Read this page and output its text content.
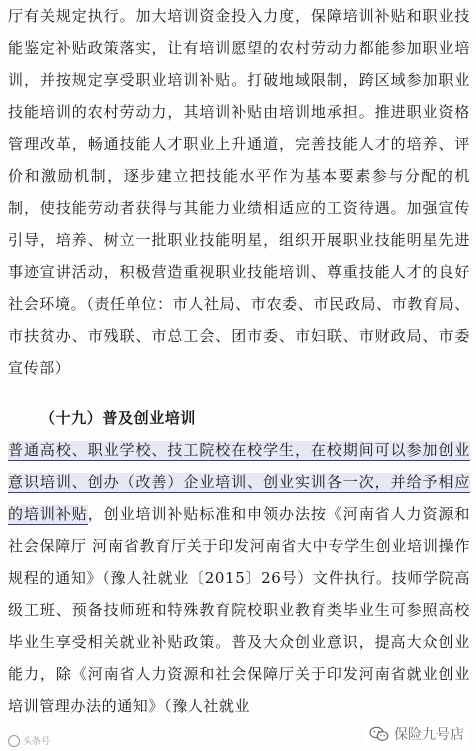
厅有关规定执行。加大培训资金投入力度，保障培训补贴和职业技能鉴定补贴政策落实，让有培训愿望的农村劳动力都能参加职业培训，并按规定享受职业培训补贴。打破地域限制，跨区域参加职业技能培训的农村劳动力，其培训补贴由培训地承担。推进职业资格管理改革，畅通技能人才职业上升通道，完善技能人才的培养、评价和激励机制，逐步建立把技能水平作为基本要素参与分配的机制，使技能劳动者获得与其能力业绩相适应的工资待遇。加强宣传引导，培养、树立一批职业技能明星，组织开展职业技能明星先进事迹宣讲活动，积极营造重视职业技能培训、尊重技能人才的良好社会环境。（责任单位：市人社局、市农委、市民政局、市教育局、市扶贫办、市残联、市总工会、团市委、市妇联、市财政局、市委宣传部）
（十九）普及创业培训
普通高校、职业学校、技工院校在校学生，在校期间可以参加创业意识培训、创办（改善）企业培训、创业实训各一次，并给予相应的培训补贴，创业培训补贴标准和申领办法按《河南省人力资源和社会保障厅 河南省教育厅关于印发河南省大中专学生创业培训操作规程的通知》（豫人社就业〔2015〕26号）文件执行。技师学院高级工班、预备技师班和特殊教育院校职业教育类毕业生可参照高校毕业生享受相关就业补贴政策。普及大众创业意识，提高大众创业能力，除《河南省人力资源和社会保障厅关于印发河南省就业创业培训管理办法的通知》（豫人社就业
头条号	保险九号店
